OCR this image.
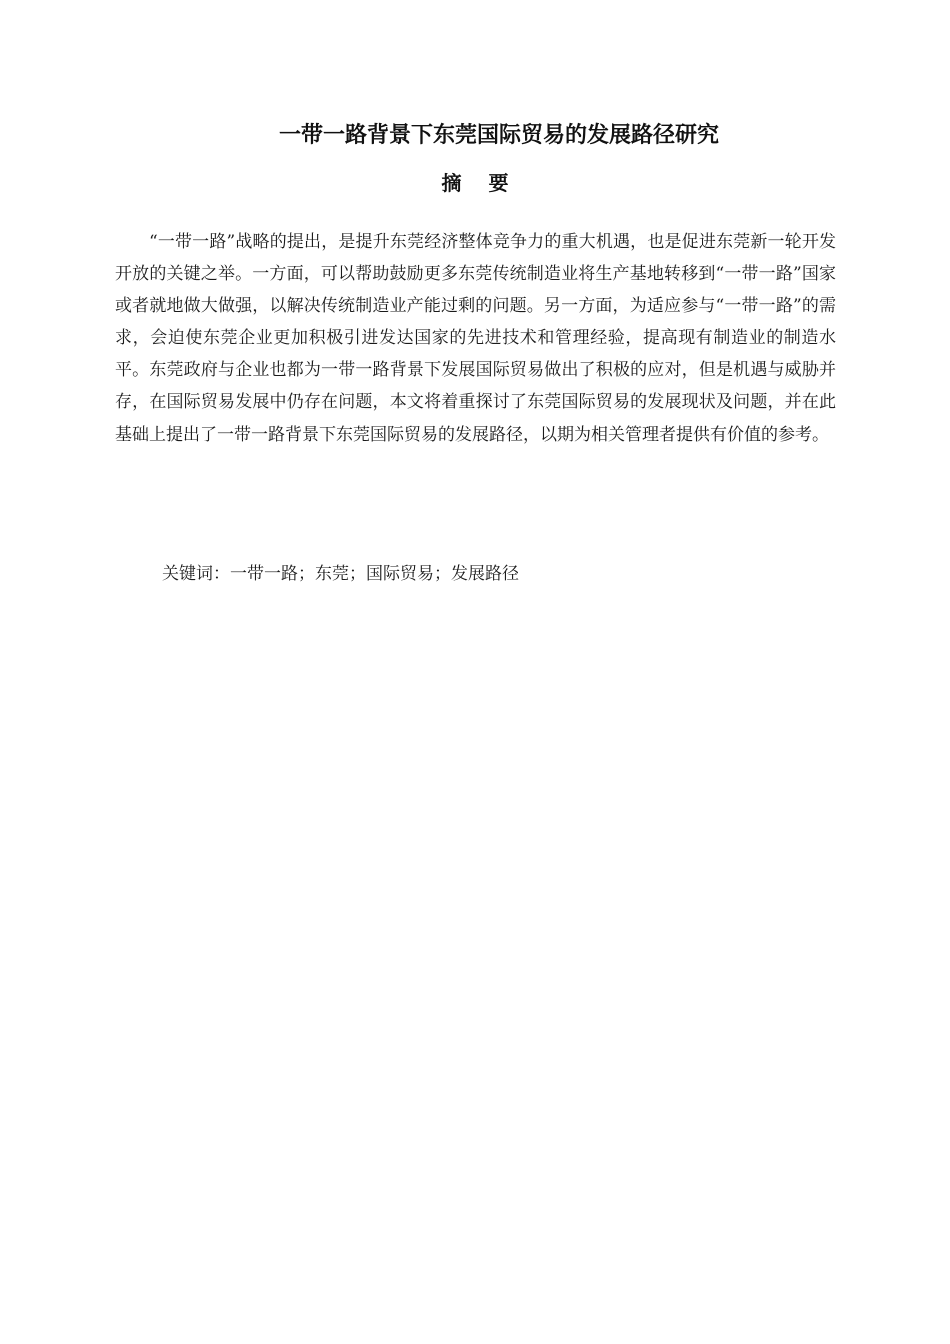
一带一路背景下东莞国际贸易的发展路径研究
摘 要

“一带一路”战略的提出，是提升东莞经济整体竞争力的重大机遇，也是促进东莞新一轮开发开放的关键之举。一方面，可以帮助鼓励更多东莞传统制造业将生产基地转移到“一带一路”国家或者就地做大做强，以解决传统制造业产能过剩的问题。另一方面，为适应参与“一带一路”的需求，会迫使东莞企业更加积极引进发达国家的先进技术和管理经验，提高现有制造业的制造水平。东莞政府与企业也都为一带一路背景下发展国际贸易做出了积极的应对，但是机遇与威胁并存，在国际贸易发展中仍存在问题，本文将着重探讨了东莞国际贸易的发展现状及问题，并在此基础上提出了一带一路背景下东莞国际贸易的发展路径，以期为相关管理者提供有价值的参考。

关键词：一带一路；东莞；国际贸易；发展路径
